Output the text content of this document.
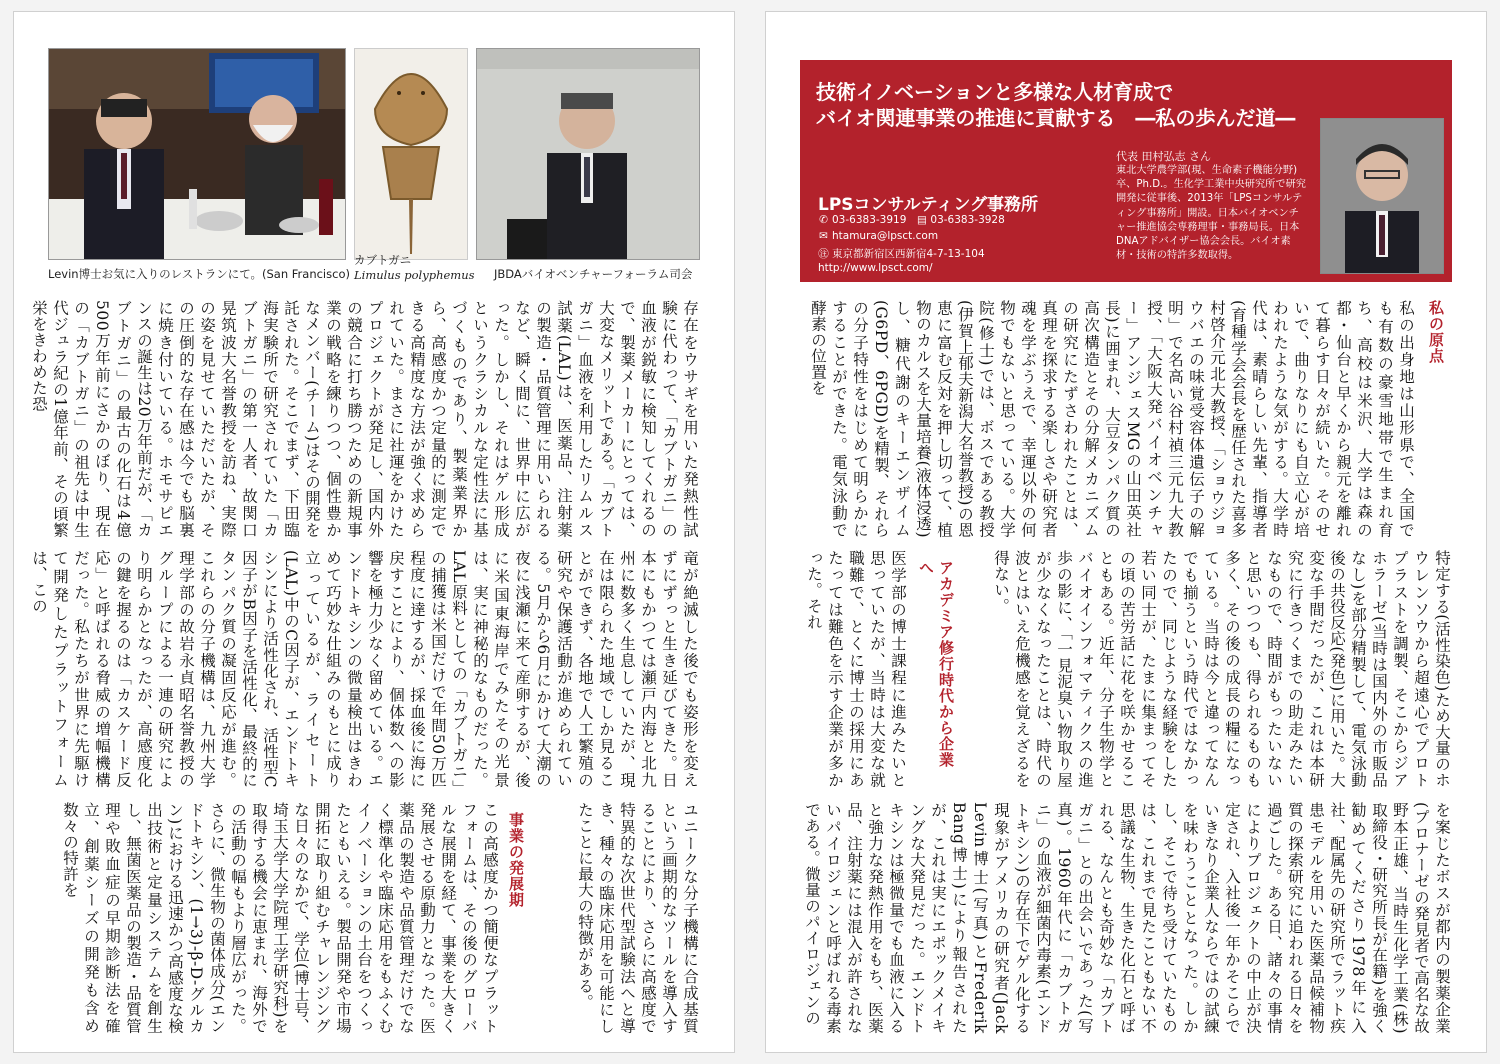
Levin博士お気に入りのレストランにて。(San Francisco)
カブトガニ
Limulus polyphemus JBDAバイオベンチャーフォーラム司会
存在をウサギを用いた発熱性試験に代わって、「カブトガニ」の血液が鋭敏に検知してくれるので、製薬メーカーにとっては、大変なメリットである。「カブトガニ」血液を利用したリムルス試薬(LAL)は、医薬品、注射薬の製造・品質管理に用いられるなど、瞬く間に、世界中に広がった。しかし、それはゲル形成というクラシカルな定性法に基づくものであり、製薬業界から、高感度かつ定量的に測定できる高精度な方法が強く求められていた。まさに社運をかけたプロジェクトが発足し、国内外の競合に打ち勝つための新規事業の戦略を練りつつ、個性豊かなメンバー(チーム)はその開発を託された。そこでまず、下田臨海実験所で研究されていた「カブトガニ」の第一人者、故関口晃筑波大名誉教授を訪ね、実際の姿を見せていただいたが、その圧倒的な存在感は今でも脳裏に焼き付いている。ホモサピエンスの誕生は20万年前だが、「カブトガニ」の最古の化石は4億500万年前にさかのぼり、現在の「カブトガニ」の祖先は中生代ジュラ紀の1億年前、その頃繁栄をきわめた恐
竜が絶滅した後でも姿形を変えずにずっと生き延びてきた。日本にもかつては瀬戸内海と北九州に数多く生息していたが、現在は限られた地域でしか見ることができず、各地で人工繁殖の研究や保護活動が進められている。5月から6月にかけて大潮の夜に浅瀬に来て産卵するが、後に米国東海岸でみたその光景は、実に神秘的なものだった。LAL原料としての「カブトガニ」の捕獲は米国だけで年間50万匹程度に達するが、採血後に海に戻すことにより、個体数への影響を極力少なく留めている。エンドトキシンの微量検出はきわめて巧妙な仕組みのもとに成り立っているが、ライセート(LAL)中のC因子が、エンドトキシンにより活性化され、活性型C因子がB因子を活性化、最終的にタンパク質の凝固反応が進む。これらの分子機構は、九州大学理学部の故岩永貞昭名誉教授のグループによる一連の研究により明らかとなったが、高感度化の鍵を握るのは「カスケード反応」と呼ばれる脅威の増幅機構だった。私たちが世界に先駆けて開発したプラットフォームは、この
この高感度かつ簡便なプラットフォームは、その後のグローバルな展開を経て、事業を大きく発展させる原動力となった。医薬品の製造や品質管理だけでなく標準化や臨床応用をもふくむイノベーションの土台をつくったともいえる。製品開発や市場開拓に取り組むチャレンジングな日々のなかで、学位(博士号、埼玉大学大学院理工学研究科)を取得する機会に恵まれ、海外での活動の幅もより層広がった。さらに、微生物の菌体成分(エンドトキシン、(1→3)-β-D-グルカン)における迅速かつ高感度な検出技術と定量システムを創生し、無菌医薬品の製造・品質管理や敗血症の早期診断法を確立、創薬シーズの開発も含め数々の特許を	事業の発展期	ユニークな分子機構に合成基質という画期的なツールを導入することにより、さらに高感度で特異的な次世代型試験法へと導き、種々の臨床応用を可能にしたことに最大の特徴がある。
技術イノベーションと多様な人材育成で
バイオ関連事業の推進に貢献する　―私の歩んだ道―
LPSコンサルティング事務所
✆ 03-6383-3919 ▤ 03-6383-3928
✉ htamura@lpsct.com
㊟ 東京都新宿区西新宿4-7-13-104
http://www.lpsct.com/
代表 田村弘志 さん
東北大学農学部(現、生命素子機能分野)卒、Ph.D.。生化学工業中央研究所で研究開発に従事後、2013年「LPSコンサルティング事務所」開設。日本バイオベンチャー推進協会専務理事・事務局長。日本DNAアドバイザー協会会長。バイオ素材・技術の特許多数取得。
私の原点
私の出身地は山形県で、全国でも有数の豪雪地帯で生まれ育ち、高校は米沢、大学は森の都・仙台と早くから親元を離れて暮らす日々が続いた。そのせいで、曲りなりにも自立心が培われたような気がする。大学時代は、素晴らしい先輩、指導者(育種学会会長を歴任された喜多村啓介元北大教授、「ショウジョウバエの味覚受容体遺伝子の解明」で名高い谷村禎三元九大教授、「大阪大発バイオベンチャー」アンジェスMGの山田英社長)に囲まれ、大豆タンパク質の高次構造とその分解メカニズムの研究にたずさわれたことは、真理を探求する楽しさや研究者魂を学ぶうえで、幸運以外の何物でもないと思っている。大学院(修士)では、ボスである教授(伊賀上郁夫新潟大名誉教授)の恩恵に富む反対を押し切って、植物のカルスを大量培養(液体浸透)し、糖代謝のキーエンザイム(G6PD、6PGD)を精製、それらの分子特性をはじめて明らかにすることができた。電気泳動で酵素の位置を
医学部の博士課程に進みたいと思っていたが、当時は大変な就職難で、とくに博士の採用にあたっては難色を示す企業が多かった。それ	アカデミア修行時代から企業へ	特定する(活性染色)ため大量のホウレンソウから超遠心でプロトプラストを調製、そこからジアホラーゼ(当時は国内外の市販品なし)を部分精製して、電気泳動後の共役反応(発色)に用いた。大変な手間だったが、これは本研究に行きつくまでの助走みたいなもので、時間がもったいないと思いつつも、得られるものも多く、その後の成長の糧になっている。当時は今と違ってなんでも揃うという時代ではなかったので、同じような経験をした若い同士が、たまに集まってその頃の苦労話に花を咲かせることもある。近年、分子生物学とバイオインフォマティクスの進歩の影に、「一見泥臭い物取り屋が少なくなったことは、時代の波とはいえ危機感を覚えざるを得ない。
を案じたボスが都内の製薬企業(プロナーゼの発見者で高名な故野本正雄、当時生化学工業(株)取締役・研究所長が在籍)を強く勧めてくださり1978年に入社、配属先の研究所でラット疾患モデルを用いた医薬品候補物質の探索研究に追われる日々を過ごした。ある日、諸々の事情によりプロジェクトの中止が決定され、入社後一年かそこらでいきなり企業人ならではの試練を味わうこととなった。しかし、そこで待ち受けていたものは、これまで見たこともない不思議な生物、生きた化石と呼ばれる、なんとも奇妙な「カブトガニ」との出会いであった(写真)。1960年代に「カブトガニ」の血液が細菌内毒素(エンドトキシン)の存在下でゲル化する現象がアメリカの研究者(Jack Levin博士(写真)とFrederik Bang博士)により報告されたが、これは実にエポックメイキングな大発見だった。エンドトキシンは極微量でも血液に入ると強力な発熱作用をもち、医薬品、注射薬には混入が許されないパイロジェンと呼ばれる毒素である。微量のパイロジェンの
